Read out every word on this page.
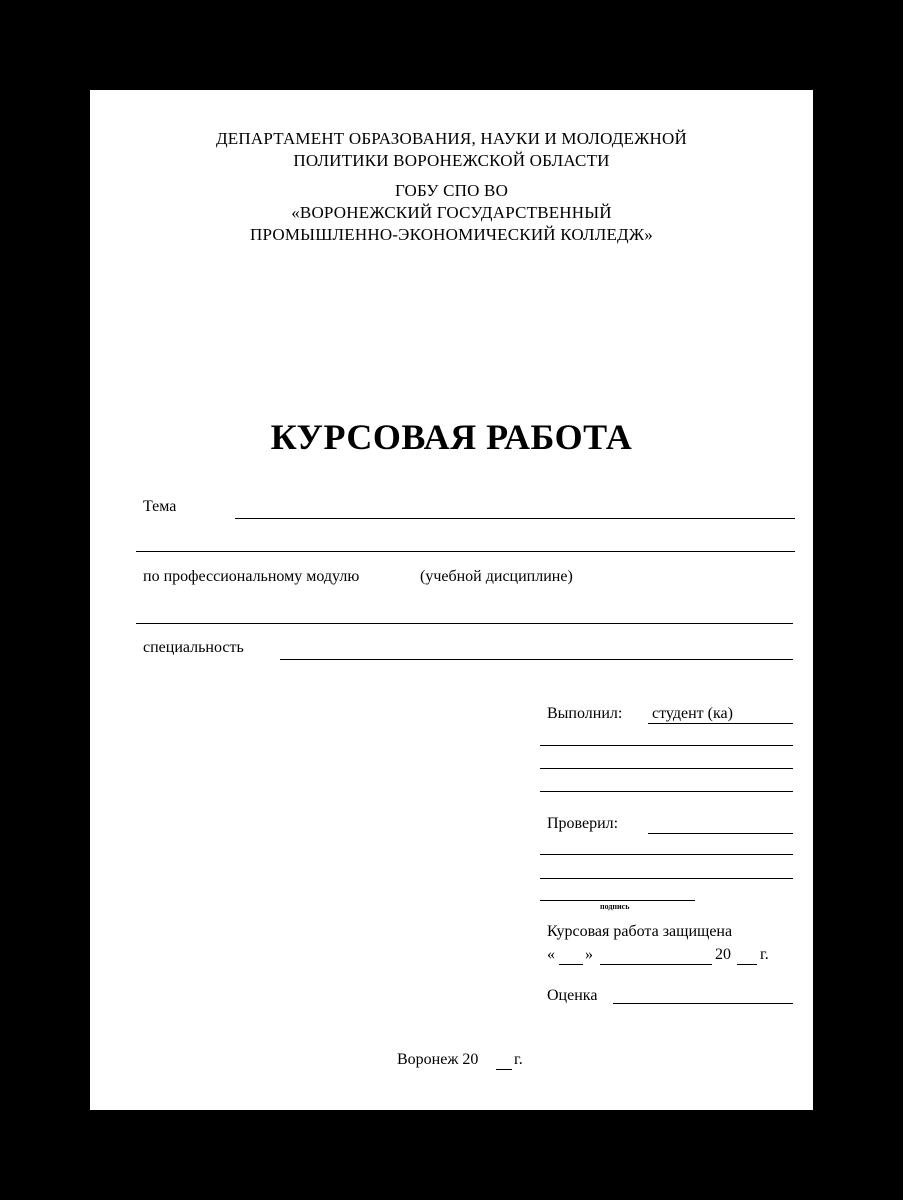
ДЕПАРТАМЕНТ ОБРАЗОВАНИЯ, НАУКИ И МОЛОДЕЖНОЙ
ПОЛИТИКИ ВОРОНЕЖСКОЙ ОБЛАСТИ
ГОБУ СПО ВО
«ВОРОНЕЖСКИЙ ГОСУДАРСТВЕННЫЙ
ПРОМЫШЛЕННО-ЭКОНОМИЧЕСКИЙ КОЛЛЕДЖ»
КУРСОВАЯ РАБОТА
Тема
по профессиональному модулю	(учебной дисциплине)
специальность
Выполнил: студент (ка)
Проверил:
подпись
Курсовая работа защищена
« »	20 г.
Оценка
Воронеж 20 г.
